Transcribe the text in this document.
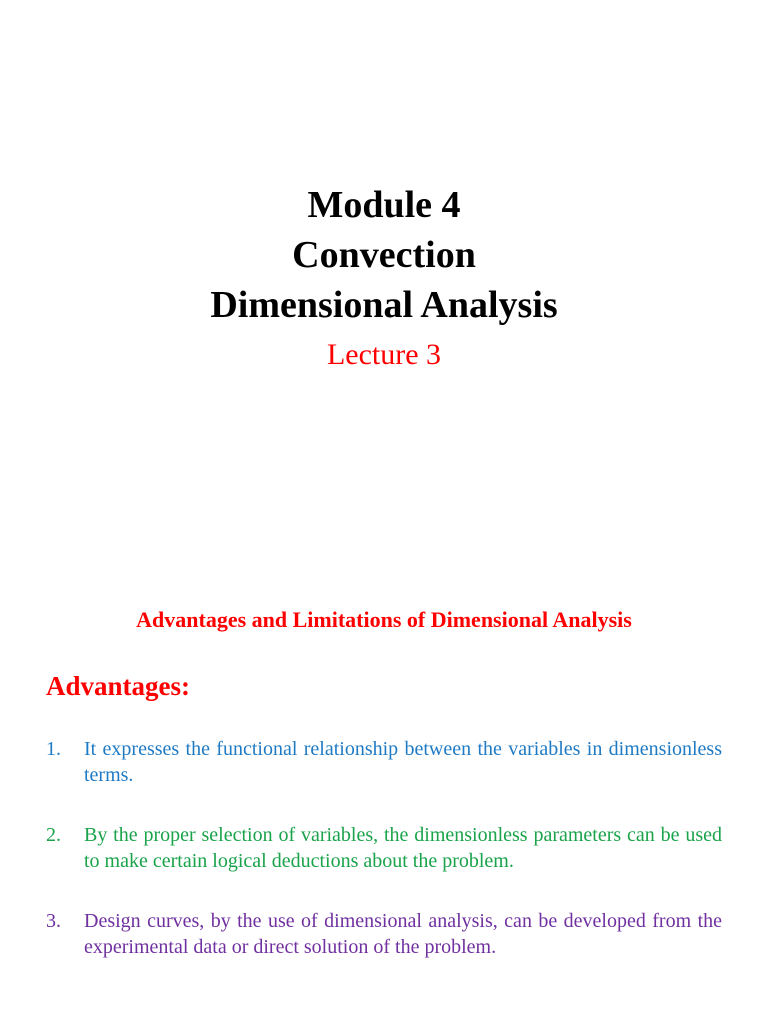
Module 4

Convection

Dimensional Analysis

Lecture 3

Advantages and Limitations of Dimensional Analysis
Advantages:
1.	It expresses the functional relationship between the variables in dimensionless terms.
2.	By the proper selection of variables, the dimensionless parameters can be used to make certain logical deductions about the problem.
3.	Design curves, by the use of dimensional analysis, can be developed from the experimental data or direct solution of the problem.
